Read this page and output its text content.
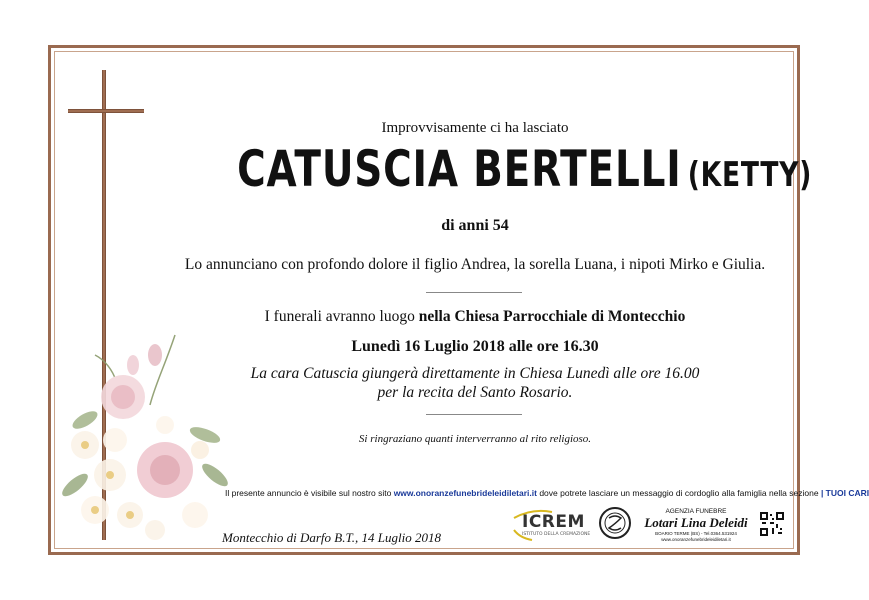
Improvvisamente ci ha lasciato
CATUSCIA BERTELLI (KETTY)
di anni 54
Lo annunciano con profondo dolore il figlio Andrea, la sorella Luana, i nipoti Mirko e Giulia.
I funerali avranno luogo nella Chiesa Parrocchiale di Montecchio
Lunedì 16 Luglio 2018 alle ore 16.30
La cara Catuscia giungerà direttamente in Chiesa Lunedì alle ore 16.00
per la recita del Santo Rosario.
Si ringraziano quanti interverranno al rito religioso.
Il presente annuncio è visibile sul nostro sito www.onoranzefunebrideleidiletari.it dove potrete lasciare un messaggio di cordoglio alla famiglia nella sezione | TUOI CARI
Montecchio di Darfo B.T., 14 Luglio 2018
ICREM
ISTITUTO DELLA CREMAZIONE
AGENZIA FUNEBRE
Lotari Lina Deleidi
BOARIO TERME (BS) - Tel.0364.531924
www.onoranzefunebrideleidiletari.it
